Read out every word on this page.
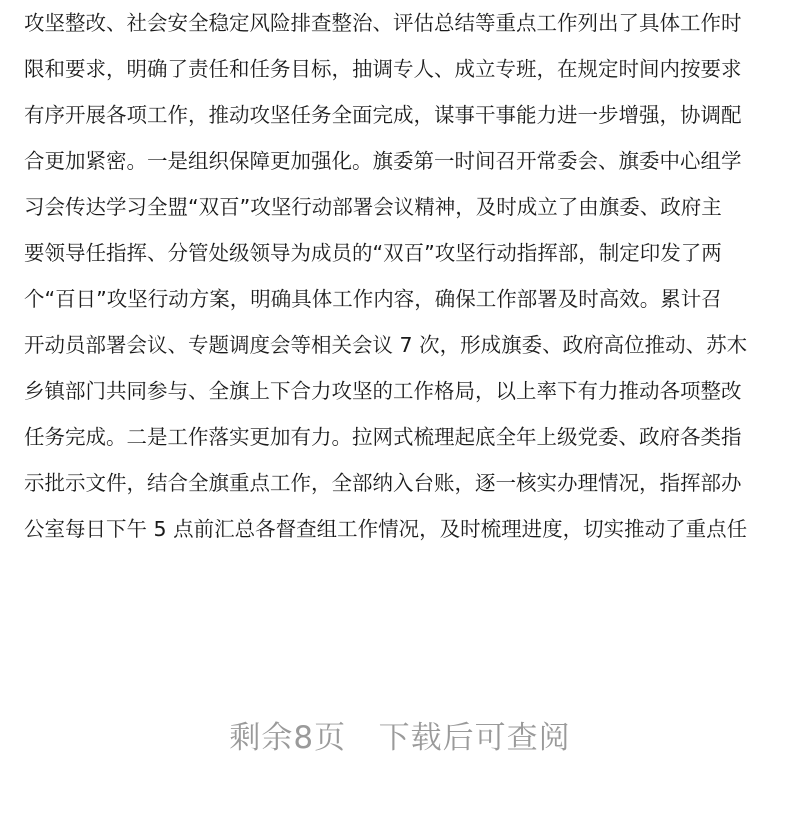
攻坚整改、社会安全稳定风险排查整治、评估总结等重点工作列出了具体工作时
限和要求，明确了责任和任务目标，抽调专人、成立专班，在规定时间内按要求
有序开展各项工作，推动攻坚任务全面完成，谋事干事能力进一步增强，协调配
合更加紧密。一是组织保障更加强化。旗委第一时间召开常委会、旗委中心组学
习会传达学习全盟“双百”攻坚行动部署会议精神，及时成立了由旗委、政府主
要领导任指挥、分管处级领导为成员的“双百”攻坚行动指挥部，制定印发了两
个“百日”攻坚行动方案，明确具体工作内容，确保工作部署及时高效。累计召
开动员部署会议、专题调度会等相关会议 7 次，形成旗委、政府高位推动、苏木
乡镇部门共同参与、全旗上下合力攻坚的工作格局，以上率下有力推动各项整改
任务完成。二是工作落实更加有力。拉网式梳理起底全年上级党委、政府各类指
示批示文件，结合全旗重点工作，全部纳入台账，逐一核实办理情况，指挥部办
公室每日下午 5 点前汇总各督查组工作情况，及时梳理进度，切实推动了重点任
剩余8页   下载后可查阅
